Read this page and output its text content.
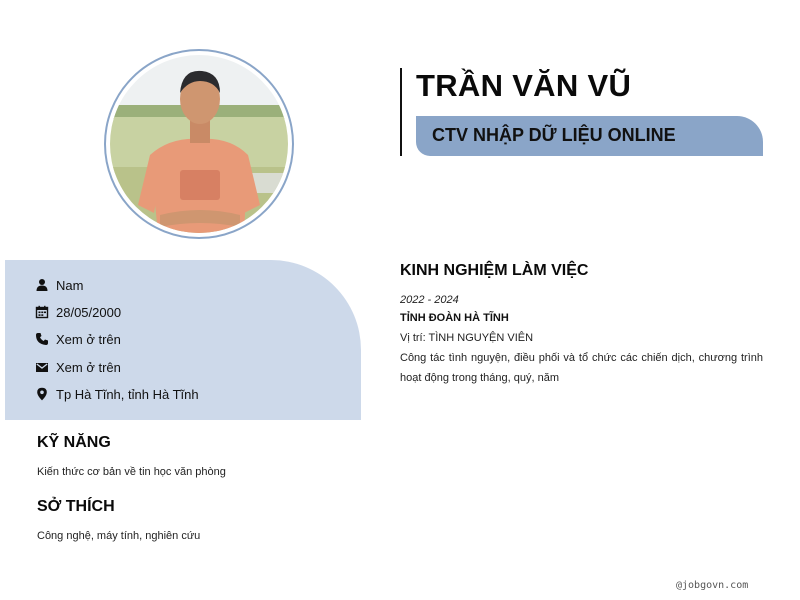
TRẦN VĂN VŨ
CTV NHẬP DỮ LIỆU ONLINE
Nam
28/05/2000
Xem ở trên
Xem ở trên
Tp Hà Tĩnh, tỉnh Hà Tĩnh
KỸ NĂNG
Kiến thức cơ bản về tin học văn phòng
SỞ THÍCH
Công nghệ, máy tính, nghiên cứu
KINH NGHIỆM LÀM VIỆC
2022 - 2024
TỈNH ĐOÀN HÀ TĨNH
Vị trí: TÌNH NGUYỆN VIÊN
Công tác tình nguyện, điều phối và tổ chức các chiến dịch, chương trình hoạt động trong tháng, quý, năm
@jobgovn.com
